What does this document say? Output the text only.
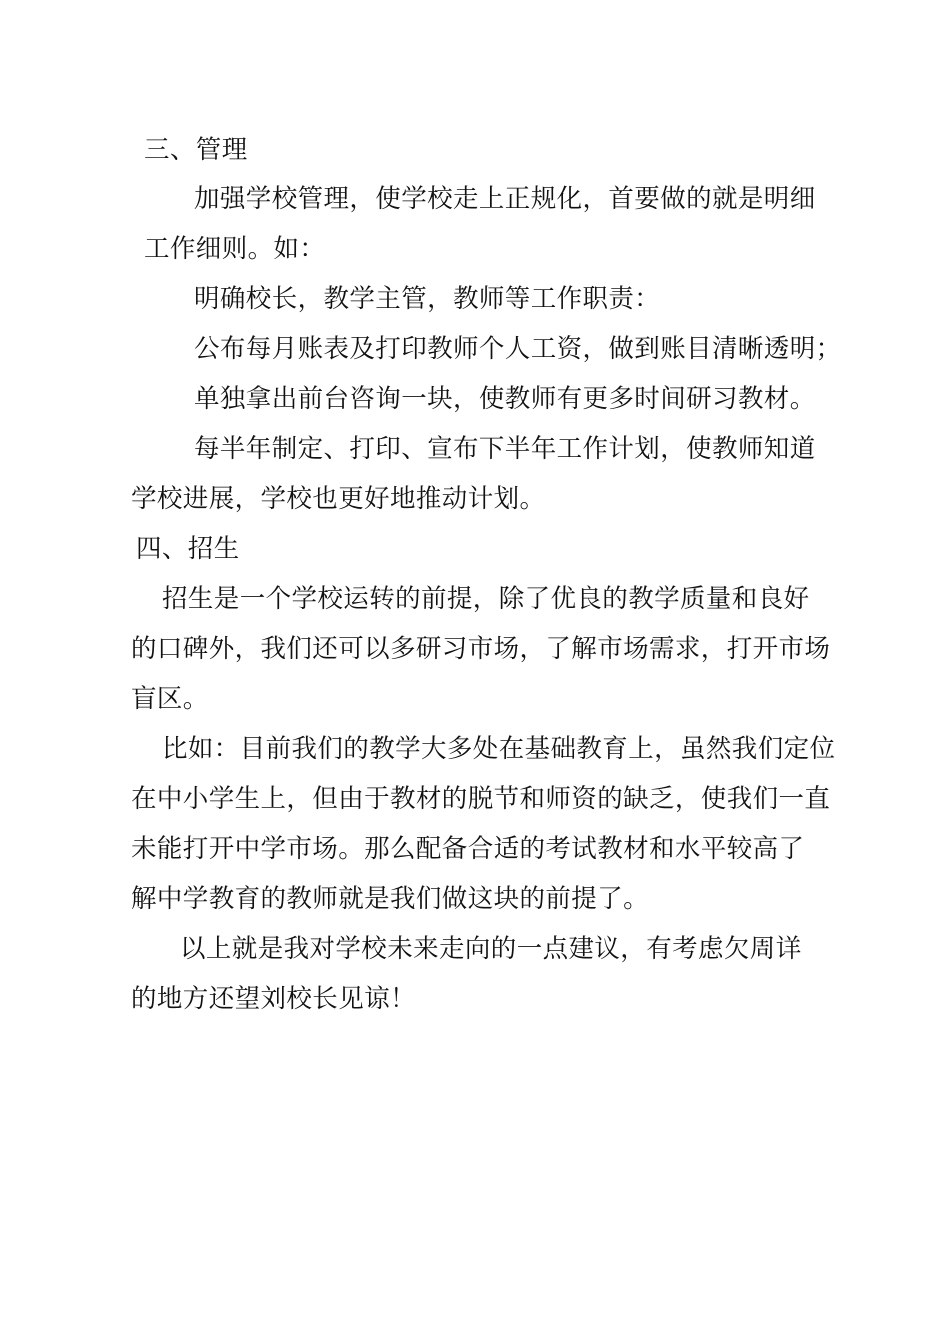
三、管理
加强学校管理，使学校走上正规化，首要做的就是明细
工作细则。如：
明确校长，教学主管，教师等工作职责：
公布每月账表及打印教师个人工资，做到账目清晰透明；
单独拿出前台咨询一块，使教师有更多时间研习教材。
每半年制定、打印、宣布下半年工作计划，使教师知道
学校进展，学校也更好地推动计划。
四、招生
招生是一个学校运转的前提，除了优良的教学质量和良好
的口碑外，我们还可以多研习市场，了解市场需求，打开市场
盲区。
比如：目前我们的教学大多处在基础教育上，虽然我们定位
在中小学生上，但由于教材的脱节和师资的缺乏，使我们一直
未能打开中学市场。那么配备合适的考试教材和水平较高了
解中学教育的教师就是我们做这块的前提了。
以上就是我对学校未来走向的一点建议，有考虑欠周详
的地方还望刘校长见谅！
